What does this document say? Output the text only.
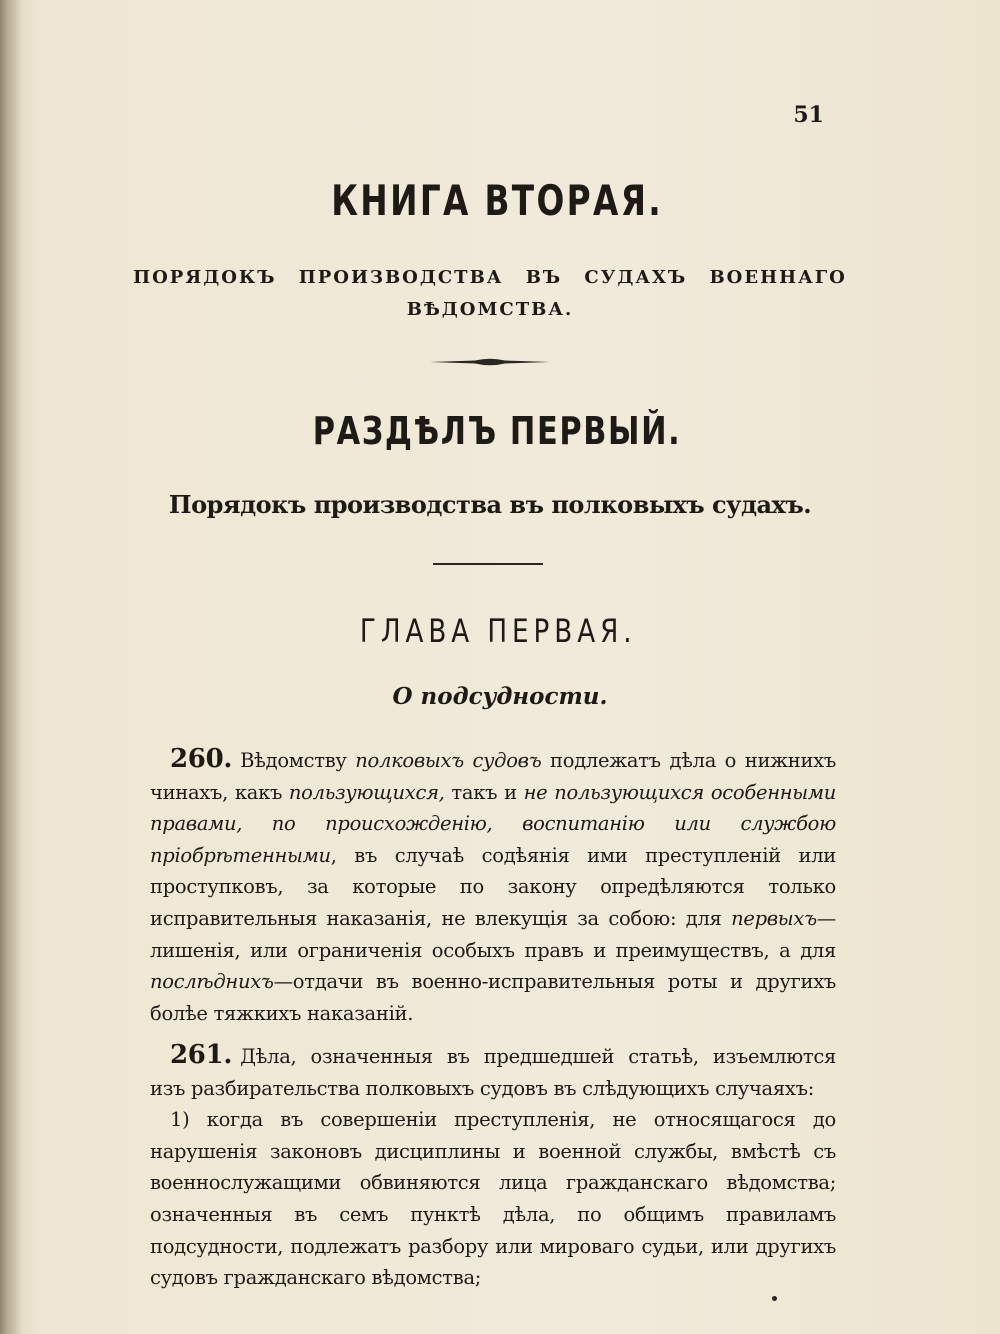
51
КНИГА ВТОРАЯ.
ПОРЯДОКЪ ПРОИЗВОДСТВА ВЪ СУДАХЪ ВОЕННАГО ВѢДОМСТВА.
РАЗДѢЛЪ ПЕРВЫЙ.
Порядокъ производства въ полковыхъ судахъ.
ГЛАВА ПЕРВАЯ.
О подсудности.
260. Вѣдомству полковыхъ судовъ подлежатъ дѣла о нижнихъ чинахъ, какъ пользующихся, такъ и не пользующихся особенными правами, по происхожденію, воспитанію или службою пріобрѣтенными, въ случаѣ содѣянія ими преступленій или проступковъ, за которые по закону опредѣляются только исправительныя наказанія, не влекущія за собою: для первыхъ—лишенія, или ограниченія особыхъ правъ и преимуществъ, а для послѣднихъ—отдачи въ военно-исправительныя роты и другихъ болѣе тяжкихъ наказаній.
261. Дѣла, означенныя въ предшедшей статьѣ, изъемлются изъ разбирательства полковыхъ судовъ въ слѣдующихъ случаяхъ:
1) когда въ совершеніи преступленія, не относящагося до нарушенія законовъ дисциплины и военной службы, вмѣстѣ съ военнослужащими обвиняются лица гражданскаго вѣдомства; означенныя въ семъ пунктѣ дѣла, по общимъ правиламъ подсудности, подлежатъ разбору или мироваго судьи, или другихъ судовъ гражданскаго вѣдомства;
